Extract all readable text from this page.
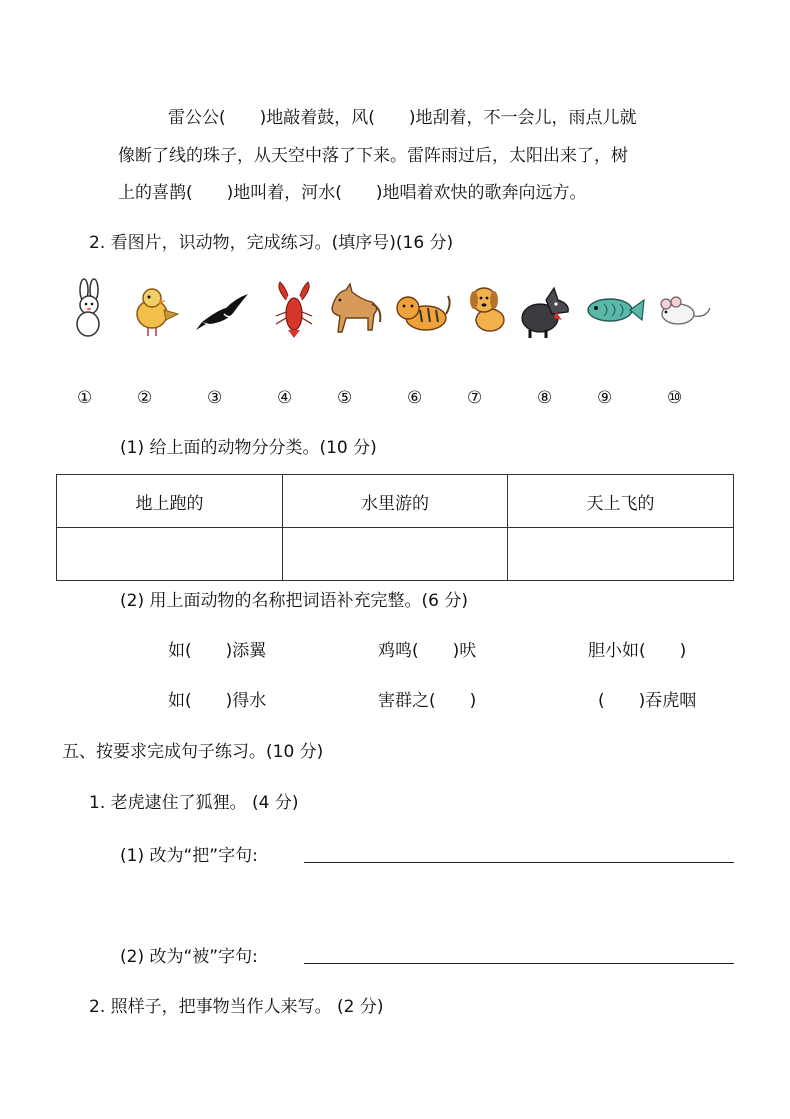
雷公公(　　)地敲着鼓，风(　　)地刮着，不一会儿，雨点儿就
像断了线的珠子，从天空中落了下来。雷阵雨过后，太阳出来了，树
上的喜鹊(　　)地叫着，河水(　　)地唱着欢快的歌奔向远方。
2. 看图片，识动物，完成练习。(填序号)(16 分)
①	②	③	④	⑤	⑥	⑦	⑧	⑨	⑩
(1) 给上面的动物分分类。(10 分)
地上跑的	水里游的	天上飞的

(2) 用上面动物的名称把词语补充完整。(6 分)
如(　　)添翼	鸡鸣(　　)吠	胆小如(　　)
如(　　)得水	害群之(　　)	(　　)吞虎咽
五、按要求完成句子练习。(10 分)
1. 老虎逮住了狐狸。 (4 分)
(1) 改为“把”字句:
(2) 改为“被”字句:
2. 照样子，把事物当作人来写。 (2 分)
